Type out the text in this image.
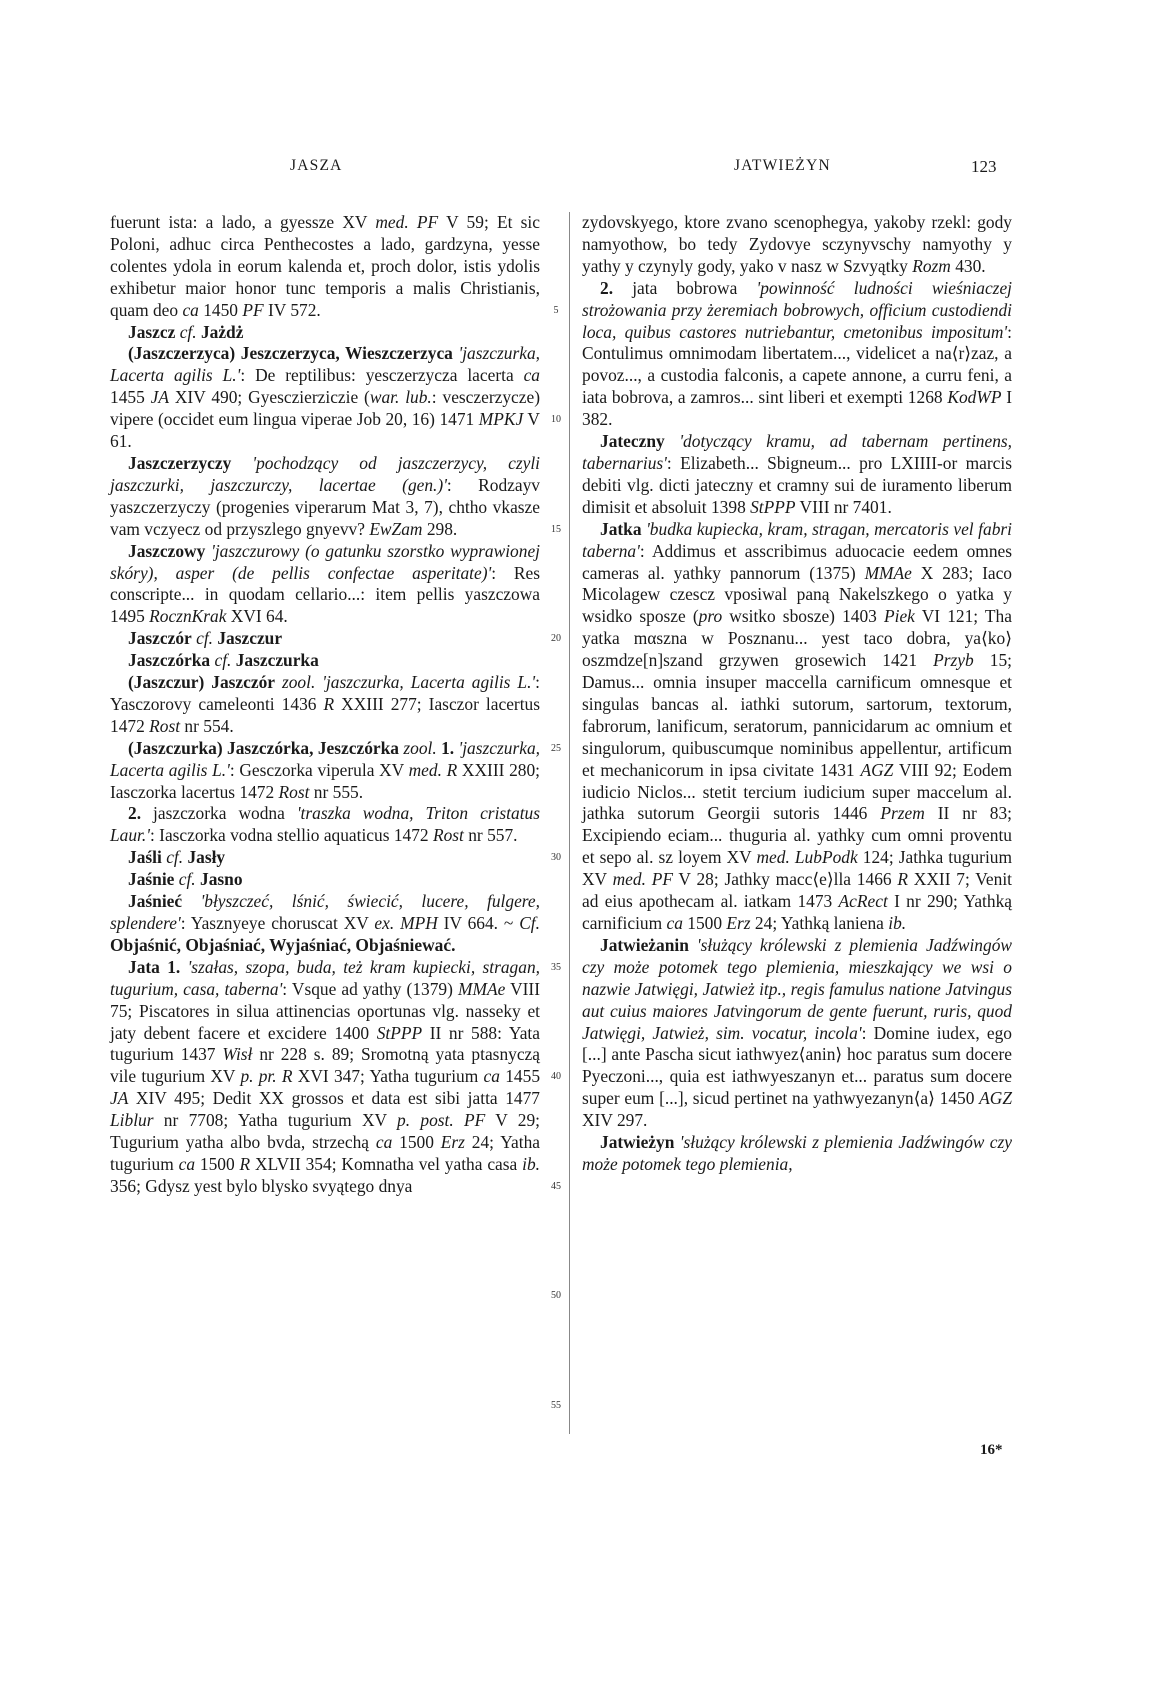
JASZA	JATWIEŻYN	123

fuerunt ista: a lado, a gyessze XV med. PF V 59; Et sic Poloni, adhuc circa Penthecostes a lado, gardzyna, yesse colentes ydola in eorum kalenda et, proch dolor, istis ydolis exhibetur maior honor tunc temporis a malis Christianis, quam deo ca 1450 PF IV 572.

Jaszcz cf. Jażdż

(Jaszczerzyca) Jeszczerzyca, Wieszczerzyca 'jaszczurka, Lacerta agilis L.': De reptilibus: yesczerzycza lacerta ca 1455 JA XIV 490; Gyesczierziczie (war. lub.: vesczerzycze) vipere (occidet eum lingua viperae Job 20, 16) 1471 MPKJ V 61.

Jaszczerzyczy 'pochodzący od jaszczerzycy, czyli jaszczurki, jaszczurczy, lacertae (gen.)': Rodzayv yaszczerzyczy (progenies viperarum Mat 3, 7), chtho vkasze vam vczyecz od przyszlego gnyevv? EwZam 298.

Jaszczowy 'jaszczurowy (o gatunku szorstko wyprawionej skóry), asper (de pellis confectae asperitate)': Res conscripte... in quodam cellario...: item pellis yaszczowa 1495 RocznKrak XVI 64.

Jaszczór cf. Jaszczur

Jaszczórka cf. Jaszczurka

(Jaszczur) Jaszczór zool. 'jaszczurka, Lacerta agilis L.': Yasczorovy cameleonti 1436 R XXIII 277; Iasczor lacertus 1472 Rost nr 554.

(Jaszczurka) Jaszczórka, Jeszczórka zool. 1. 'jaszczurka, Lacerta agilis L.': Gesczorka viperula XV med. R XXIII 280; Iasczorka lacertus 1472 Rost nr 555.

2. jaszczorka wodna 'traszka wodna, Triton cristatus Laur.': Iasczorka vodna stellio aquaticus 1472 Rost nr 557.

Jaśli cf. Jasły

Jaśnie cf. Jasno

Jaśnieć 'błyszczeć, lśnić, świecić, lucere, fulgere, splendere': Yasznyeye choruscat XV ex. MPH IV 664. ~ Cf. Objaśnić, Objaśniać, Wyjaśniać, Objaśniewać.

Jata 1. 'szałas, szopa, buda, też kram kupiecki, stragan, tugurium, casa, taberna': Vsque ad yathy (1379) MMAe VIII 75; Piscatores in silua attinencias oportunas vlg. nasseky et jaty debent facere et excidere 1400 StPPP II nr 588: Yata tugurium 1437 Wisł nr 228 s. 89; Sromotną yata ptasnyczą vile tugurium XV p. pr. R XVI 347; Yatha tugurium ca 1455 JA XIV 495; Dedit XX grossos et data est sibi jatta 1477 Liblur nr 7708; Yatha tugurium XV p. post. PF V 29; Tugurium yatha albo bvda, strzechą ca 1500 Erz 24; Yatha tugurium ca 1500 R XLVII 354; Komnatha vel yatha casa ib. 356; Gdysz yest bylo blysko svyątego dnya

5
10
15
20
25
30
35
40
45
50
55

zydovskyego, ktore zvano scenophegya, yakoby rzekl: gody namyothow, bo tedy Zydovye sczynyvschy namyothy y yathy y czynyly gody, yako v nasz w Szvyątky Rozm 430.

2. jata bobrowa 'powinność ludności wieśniaczej strożowania przy żeremiach bobrowych, officium custodiendi loca, quibus castores nutriebantur, cmetonibus impositum': Contulimus omnimodam libertatem..., videlicet a na⟨r⟩zaz, a povoz..., a custodia falconis, a capete annone, a curru feni, a iata bobrova, a zamros... sint liberi et exempti 1268 KodWP I 382.

Jateczny 'dotyczący kramu, ad tabernam pertinens, tabernarius': Elizabeth... Sbigneum... pro LXIIII-or marcis debiti vlg. dicti jateczny et cramny sui de iuramento liberum dimisit et absoluit 1398 StPPP VIII nr 7401.

Jatka 'budka kupiecka, kram, stragan, mercatoris vel fabri taberna': Addimus et asscribimus aduocacie eedem omnes cameras al. yathky pannorum (1375) MMAe X 283; Iaco Micolagew czescz vposiwal paną Nakelszkego o yatka y wsidko sposze (pro wsitko sbosze) 1403 Piek VI 121; Tha yatka mαszna w Posznanu... yest taco dobra, ya⟨ko⟩ oszmdze[n]szand grzywen grosewich 1421 Przyb 15; Damus... omnia insuper maccella carnificum omnesque et singulas bancas al. iathki sutorum, sartorum, textorum, fabrorum, lanificum, seratorum, pannicidarum ac omnium et singulorum, quibuscumque nominibus appellentur, artificum et mechanicorum in ipsa civitate 1431 AGZ VIII 92; Eodem iudicio Niclos... stetit tercium iudicium super maccelum al. jathka sutorum Georgii sutoris 1446 Przem II nr 83; Excipiendo eciam... thuguria al. yathky cum omni proventu et sepo al. sz loyem XV med. LubPodk 124; Jathka tugurium XV med. PF V 28; Jathky macc⟨e⟩lla 1466 R XXII 7; Venit ad eius apothecam al. iatkam 1473 AcRect I nr 290; Yathką carnificium ca 1500 Erz 24; Yathką laniena ib.

Jatwieżanin 'służący królewski z plemienia Jadźwingów czy może potomek tego plemienia, mieszkający we wsi o nazwie Jatwięgi, Jatwież itp., regis famulus natione Jatvingus aut cuius maiores Jatvingorum de gente fuerunt, ruris, quod Jatwięgi, Jatwież, sim. vocatur, incola': Domine iudex, ego [...] ante Pascha sicut iathwyez⟨anin⟩ hoc paratus sum docere Pyeczoni..., quia est iathwyeszanyn et... paratus sum docere super eum [...], sicud pertinet na yathwyezanyn⟨a⟩ 1450 AGZ XIV 297.

Jatwieżyn 'służący królewski z plemienia Jadźwingów czy może potomek tego plemienia,

16*
